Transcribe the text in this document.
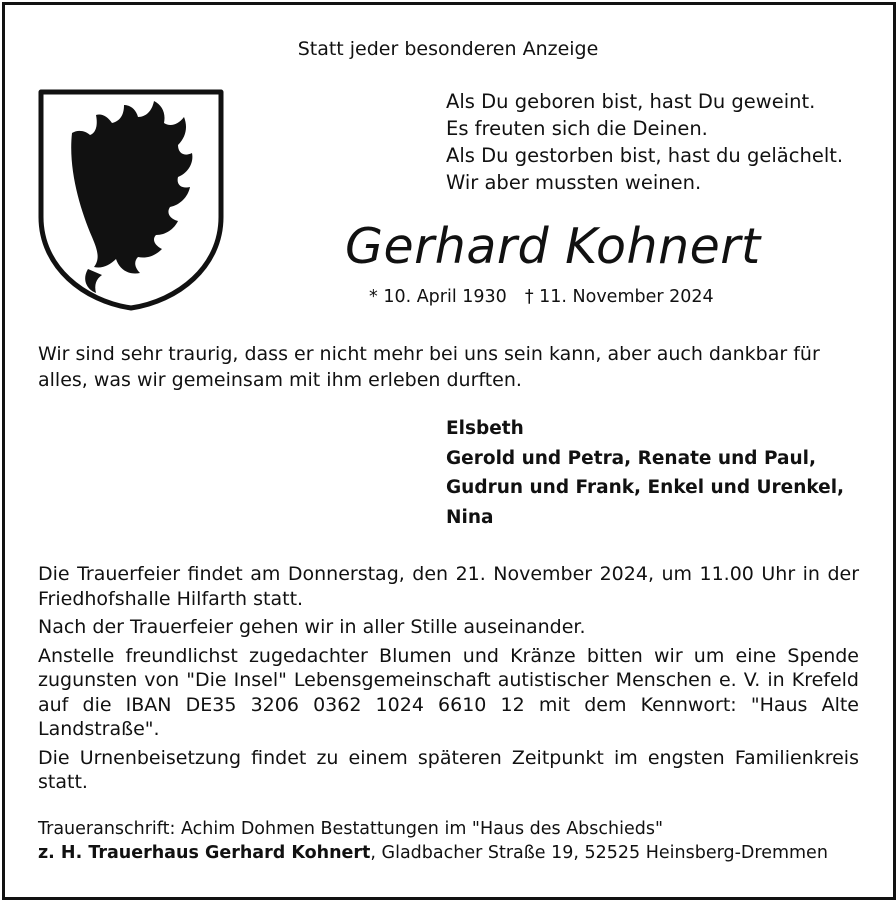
Statt jeder besonderen Anzeige
Als Du geboren bist, hast Du geweint.
Es freuten sich die Deinen.
Als Du gestorben bist, hast du gelächelt.
Wir aber mussten weinen.
Gerhard Kohnert
* 10. April 1930 † 11. November 2024
Wir sind sehr traurig, dass er nicht mehr bei uns sein kann, aber auch dankbar für alles, was wir gemeinsam mit ihm erleben durften.
Elsbeth
Gerold und Petra, Renate und Paul,
Gudrun und Frank, Enkel und Urenkel,
Nina

Die Trauerfeier findet am Donnerstag, den 21. November 2024, um 11.00 Uhr in der Friedhofshalle Hilfarth statt.

Nach der Trauerfeier gehen wir in aller Stille auseinander.

Anstelle freundlichst zugedachter Blumen und Kränze bitten wir um eine Spende zugunsten von "Die Insel" Lebensgemeinschaft autistischer Menschen e. V. in Krefeld auf die IBAN DE35 3206 0362 1024 6610 12 mit dem Kennwort: "Haus Alte Landstraße".

Die Urnenbeisetzung findet zu einem späteren Zeitpunkt im engsten Familienkreis statt.

Traueranschrift: Achim Dohmen Bestattungen im "Haus des Abschieds"
z. H. Trauerhaus Gerhard Kohnert, Gladbacher Straße 19, 52525 Heinsberg-Dremmen
